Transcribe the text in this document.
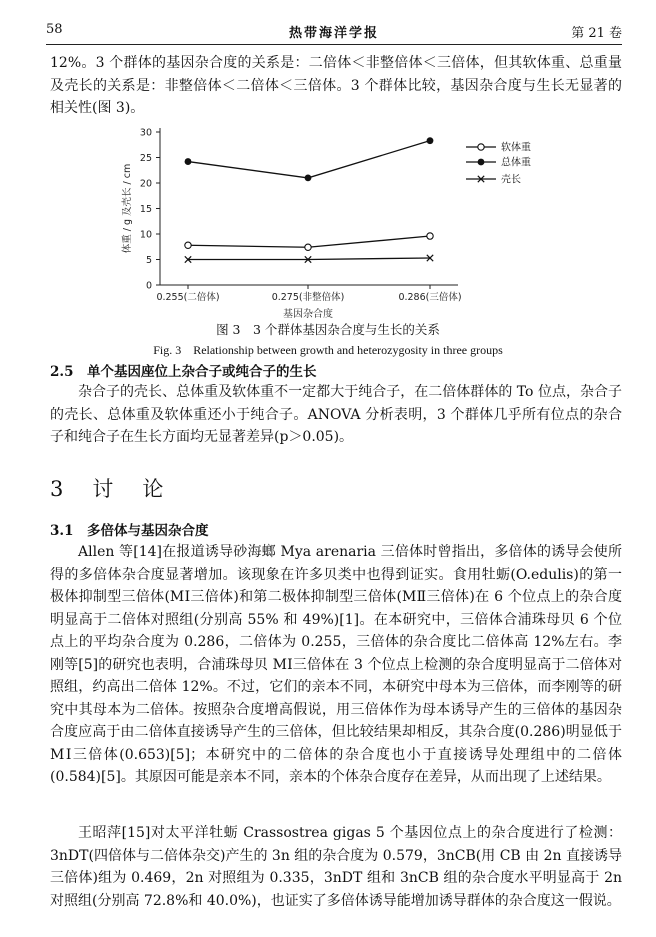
58	热带海洋学报	第 21 卷

12%。3 个群体的基因杂合度的关系是：二倍体＜非整倍体＜三倍体，但其软体重、总重量及壳长的关系是：非整倍体＜二倍体＜三倍体。3 个群体比较，基因杂合度与生长无显著的相关性(图 3)。

0
5
10
15
20
25
30
0.255(二倍体)	0.275(非整倍体)	0.286(三倍体)
基因杂合度
体重 / g 及壳长 / cm
软体重
总体重
壳长
图 3　3 个群体基因杂合度与生长的关系
Fig. 3　Relationship between growth and heterozygosity in three groups
2.5　单个基因座位上杂合子或纯合子的生长

杂合子的壳长、总体重及软体重不一定都大于纯合子，在二倍体群体的 To 位点，杂合子的壳长、总体重及软体重还小于纯合子。ANOVA 分析表明，3 个群体几乎所有位点的杂合子和纯合子在生长方面均无显著差异(p＞0.05)。

3　讨　论
3.1　多倍体与基因杂合度

Allen 等[14]在报道诱导砂海螂 Mya arenaria 三倍体时曾指出，多倍体的诱导会使所得的多倍体杂合度显著增加。该现象在许多贝类中也得到证实。食用牡蛎(O.edulis)的第一极体抑制型三倍体(MⅠ三倍体)和第二极体抑制型三倍体(MⅡ三倍体)在 6 个位点上的杂合度明显高于二倍体对照组(分别高 55% 和 49%)[1]。在本研究中，三倍体合浦珠母贝 6 个位点上的平均杂合度为 0.286，二倍体为 0.255，三倍体的杂合度比二倍体高 12%左右。李刚等[5]的研究也表明，合浦珠母贝 MⅠ三倍体在 3 个位点上检测的杂合度明显高于二倍体对照组，约高出二倍体 12%。不过，它们的亲本不同，本研究中母本为三倍体，而李刚等的研究中其母本为二倍体。按照杂合度增高假说，用三倍体作为母本诱导产生的三倍体的基因杂合度应高于由二倍体直接诱导产生的三倍体，但比较结果却相反，其杂合度(0.286)明显低于 MⅠ三倍体(0.653)[5]；本研究中的二倍体的杂合度也小于直接诱导处理组中的二倍体(0.584)[5]。其原因可能是亲本不同，亲本的个体杂合度存在差异，从而出现了上述结果。

王昭萍[15]对太平洋牡蛎 Crassostrea gigas 5 个基因位点上的杂合度进行了检测：3nDT(四倍体与二倍体杂交)产生的 3n 组的杂合度为 0.579，3nCB(用 CB 由 2n 直接诱导三倍体)组为 0.469，2n 对照组为 0.335，3nDT 组和 3nCB 组的杂合度水平明显高于 2n 对照组(分别高 72.8%和 40.0%)，也证实了多倍体诱导能增加诱导群体的杂合度这一假说。
